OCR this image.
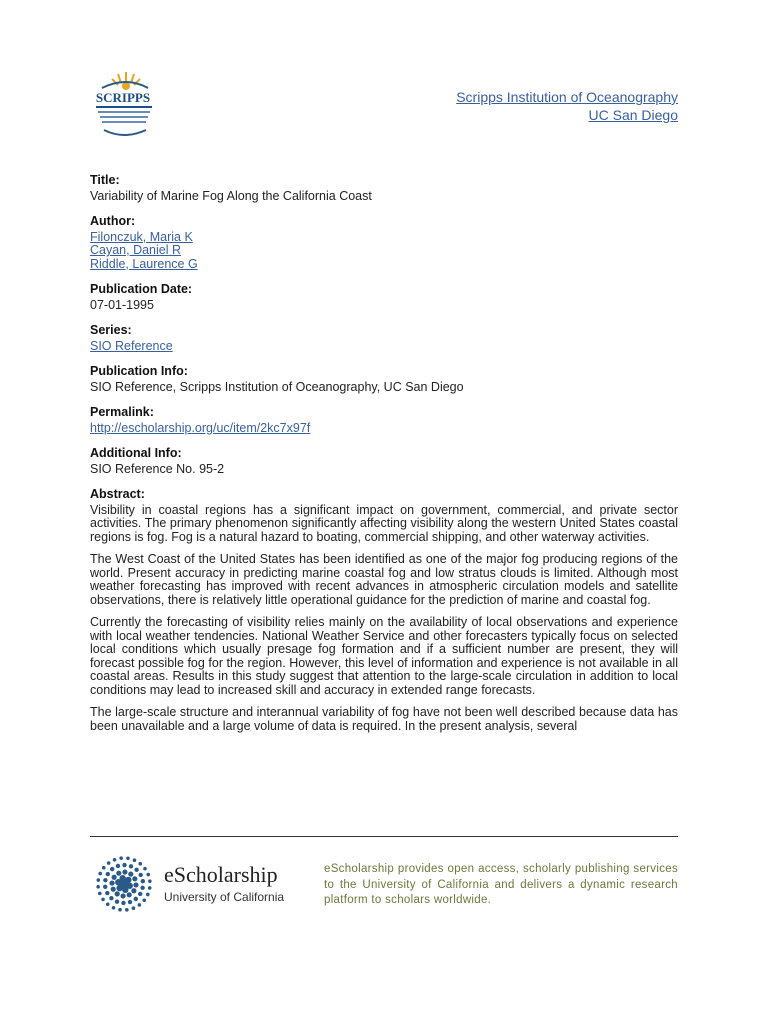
SCRIPPS	Scripps Institution of Oceanography
UC San Diego
Title:
Variability of Marine Fog Along the California Coast
Author:
Filonczuk, Maria K
Cayan, Daniel R
Riddle, Laurence G
Publication Date:
07-01-1995
Series:
SIO Reference
Publication Info:
SIO Reference, Scripps Institution of Oceanography, UC San Diego
Permalink:
http://escholarship.org/uc/item/2kc7x97f
Additional Info:
SIO Reference No. 95-2
Abstract:

Visibility in coastal regions has a significant impact on government, commercial, and private sector activities. The primary phenomenon significantly affecting visibility along the western United States coastal regions is fog. Fog is a natural hazard to boating, commercial shipping, and other waterway activities.

The West Coast of the United States has been identified as one of the major fog producing regions of the world. Present accuracy in predicting marine coastal fog and low stratus clouds is limited. Although most weather forecasting has improved with recent advances in atmospheric circulation models and satellite observations, there is relatively little operational guidance for the prediction of marine and coastal fog.

Currently the forecasting of visibility relies mainly on the availability of local observations and experience with local weather tendencies. National Weather Service and other forecasters typically focus on selected local conditions which usually presage fog formation and if a sufficient number are present, they will forecast possible fog for the region. However, this level of information and experience is not available in all coastal areas. Results in this study suggest that attention to the large-scale circulation in addition to local conditions may lead to increased skill and accuracy in extended range forecasts.

The large-scale structure and interannual variability of fog have not been well described because data has been unavailable and a large volume of data is required. In the present analysis, several

eScholarship
University of California
eScholarship provides open access, scholarly publishing services to the University of California and delivers a dynamic research platform to scholars worldwide.
